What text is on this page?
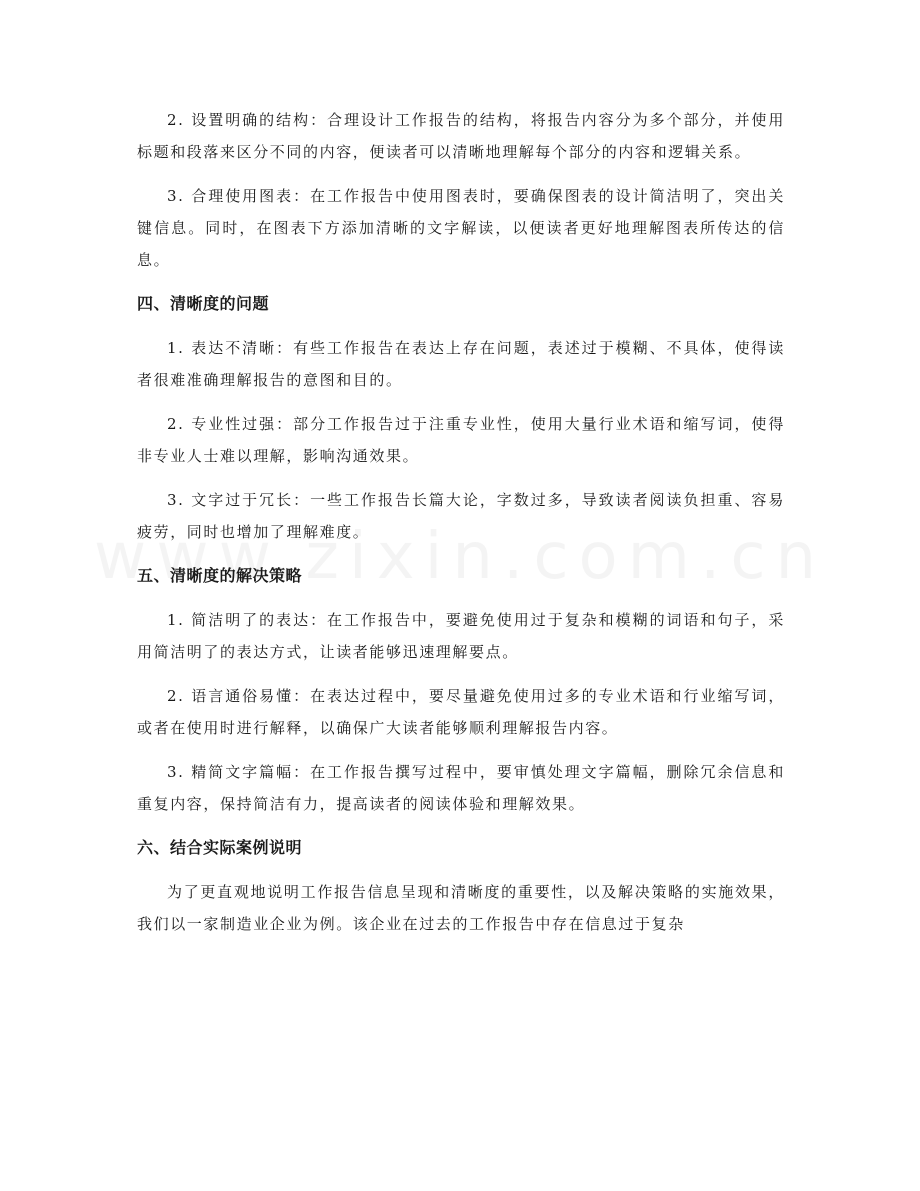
2. 设置明确的结构：合理设计工作报告的结构，将报告内容分为多个部分，并使用标题和段落来区分不同的内容，便读者可以清晰地理解每个部分的内容和逻辑关系。

3. 合理使用图表：在工作报告中使用图表时，要确保图表的设计简洁明了，突出关键信息。同时，在图表下方添加清晰的文字解读，以便读者更好地理解图表所传达的信息。

四、清晰度的问题

1. 表达不清晰：有些工作报告在表达上存在问题，表述过于模糊、不具体，使得读者很难准确理解报告的意图和目的。

2. 专业性过强：部分工作报告过于注重专业性，使用大量行业术语和缩写词，使得非专业人士难以理解，影响沟通效果。

3. 文字过于冗长：一些工作报告长篇大论，字数过多，导致读者阅读负担重、容易疲劳，同时也增加了理解难度。

五、清晰度的解决策略

1. 简洁明了的表达：在工作报告中，要避免使用过于复杂和模糊的词语和句子，采用简洁明了的表达方式，让读者能够迅速理解要点。

2. 语言通俗易懂：在表达过程中，要尽量避免使用过多的专业术语和行业缩写词，或者在使用时进行解释，以确保广大读者能够顺利理解报告内容。

3. 精简文字篇幅：在工作报告撰写过程中，要审慎处理文字篇幅，删除冗余信息和重复内容，保持简洁有力，提高读者的阅读体验和理解效果。

六、结合实际案例说明

为了更直观地说明工作报告信息呈现和清晰度的重要性，以及解决策略的实施效果，我们以一家制造业企业为例。该企业在过去的工作报告中存在信息过于复杂
